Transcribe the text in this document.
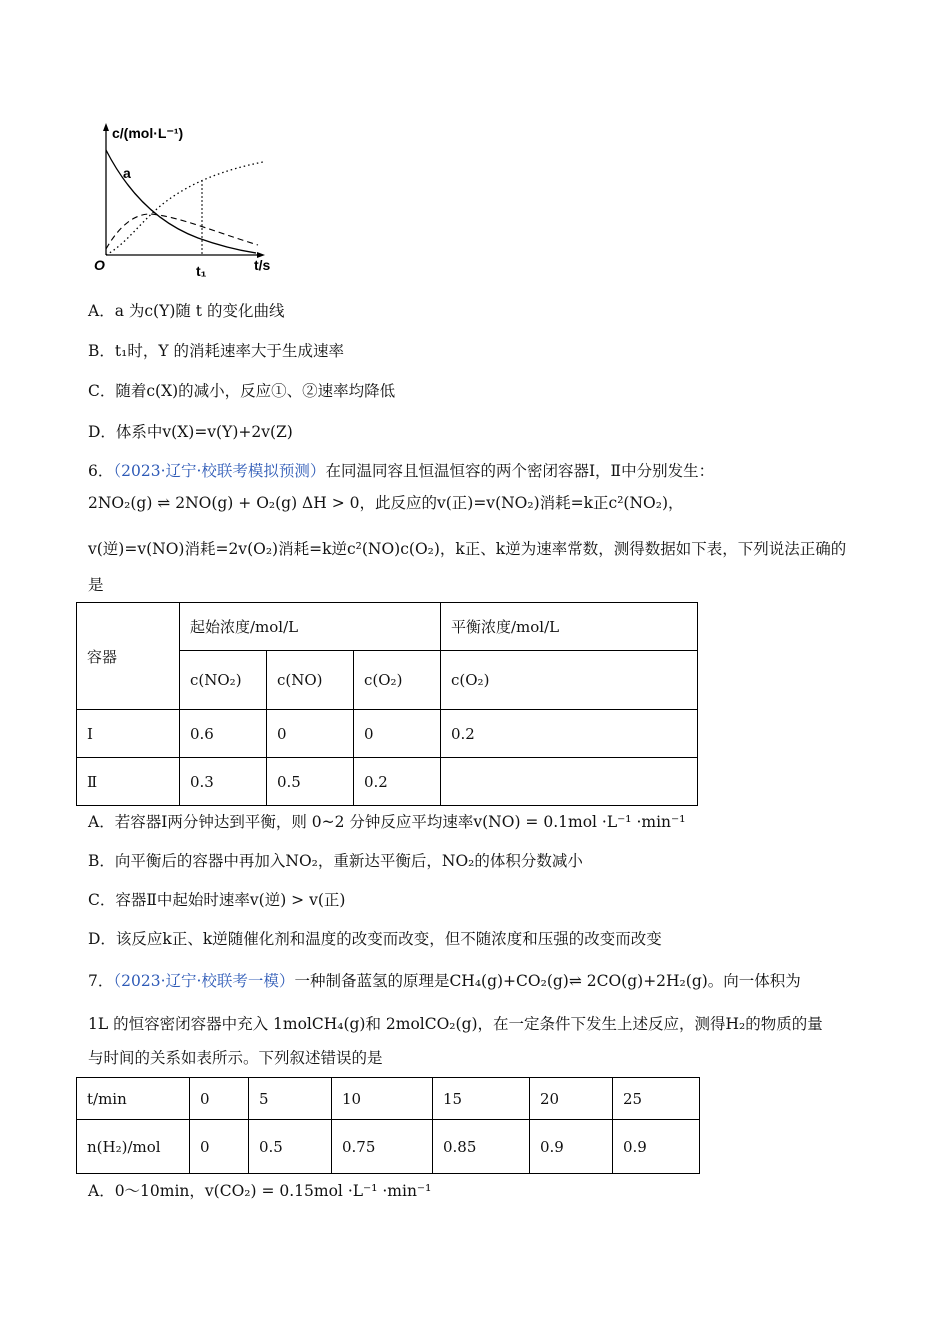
c/(mol·L⁻¹)
a
O	t₁	t/s
A．a 为c(Y)随 t 的变化曲线
B．t₁时，Y 的消耗速率大于生成速率
C．随着c(X)的减小，反应①、②速率均降低
D．体系中v(X)=v(Y)+2v(Z)
6．（2023·辽宁·校联考模拟预测）在同温同容且恒温恒容的两个密闭容器Ⅰ，Ⅱ中分别发生：
2NO₂(g) ⇌ 2NO(g) + O₂(g) ΔH > 0，此反应的v(正)=v(NO₂)消耗=k正c²(NO₂)，
v(逆)=v(NO)消耗=2v(O₂)消耗=k逆c²(NO)c(O₂)，k正、k逆为速率常数，测得数据如下表，下列说法正确的
是
容器	起始浓度/mol/L			平衡浓度/mol/L
	c(NO₂)	c(NO)	c(O₂)	c(O₂)
Ⅰ	0.6	0	0	0.2
Ⅱ	0.3	0.5	0.2	
A．若容器Ⅰ两分钟达到平衡，则 0~2 分钟反应平均速率v(NO) = 0.1mol ·L⁻¹ ·min⁻¹
B．向平衡后的容器中再加入NO₂，重新达平衡后，NO₂的体积分数减小
C．容器Ⅱ中起始时速率v(逆) > v(正)
D．该反应k正、k逆随催化剂和温度的改变而改变，但不随浓度和压强的改变而改变
7．（2023·辽宁·校联考一模）一种制备蓝氢的原理是CH₄(g)+CO₂(g)⇌ 2CO(g)+2H₂(g)。向一体积为
1L 的恒容密闭容器中充入 1molCH₄(g)和 2molCO₂(g)，在一定条件下发生上述反应，测得H₂的物质的量
与时间的关系如表所示。下列叙述错误的是
t/min	0	5	10	15	20	25
n(H₂)/mol	0	0.5	0.75	0.85	0.9	0.9
A．0～10min，v(CO₂) = 0.15mol ·L⁻¹ ·min⁻¹
